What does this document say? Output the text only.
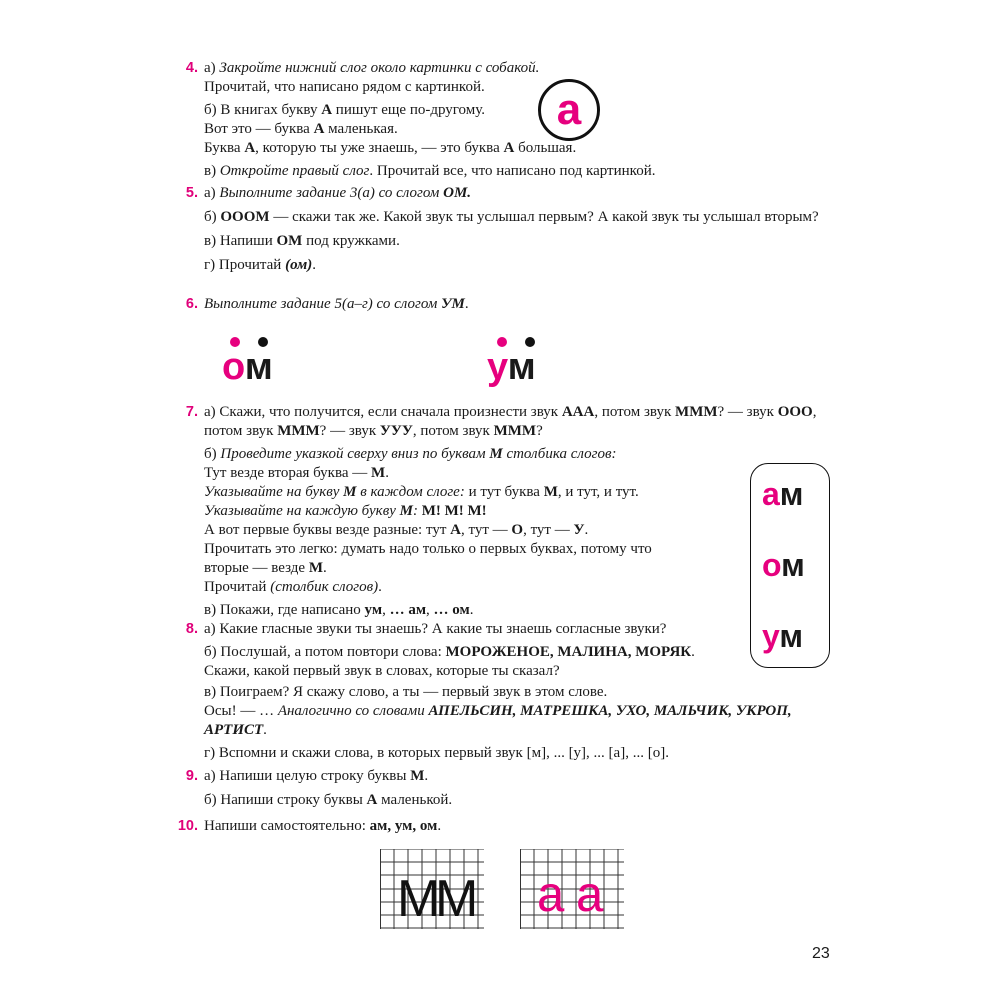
4. а) Закройте нижний слог около картинки с собакой.

Прочитай, что написано рядом с картинкой.

б) В книгах букву А пишут еще по-другому.

Вот это — буква А маленькая.

Буква А, которую ты уже знаешь, — это буква А большая.

в) Откройте правый слог. Прочитай все, что написано под картинкой.

а
5. а) Выполните задание 3(а) со слогом ОМ.

б) ОООМ — скажи так же. Какой звук ты услышал первым? А какой звук ты услышал вторым?

в) Напиши ОМ под кружками.

г) Прочитай (ом).

6. Выполните задание 5(а–г) со слогом УМ.

ом	ум
7. а) Скажи, что получится, если сначала произнести звук ААА, потом звук МММ? — звук ООО,

потом звук МММ? — звук УУУ, потом звук МММ?

б) Проведите указкой сверху вниз по буквам М столбика слогов:

Тут везде вторая буква — М.

Указывайте на букву М в каждом слоге: и тут буква М, и тут, и тут.

Указывайте на каждую букву М: М! М! М!

А вот первые буквы везде разные: тут А, тут — О, тут — У.

Прочитать это легко: думать надо только о первых буквах, потому что

вторые — везде М.

Прочитай (столбик слогов).

в) Покажи, где написано ум, … ам, … ом.

ам
ом
ум
8. а) Какие гласные звуки ты знаешь? А какие ты знаешь согласные звуки?

б) Послушай, а потом повтори слова: МОРОЖЕНОЕ, МАЛИНА, МОРЯК.

Скажи, какой первый звук в словах, которые ты сказал?

в) Поиграем? Я скажу слово, а ты — первый звук в этом слове.

Осы! — … Аналогично со словами АПЕЛЬСИН, МАТРЕШКА, УХО, МАЛЬЧИК, УКРОП,

АРТИСТ.

г) Вспомни и скажи слова, в которых первый звук [м], ... [у], ... [а], ... [о].

9. а) Напиши целую строку буквы М.

б) Напиши строку буквы А маленькой.

10. Напиши самостоятельно: ам, ум, ом.

М
М а а
23
